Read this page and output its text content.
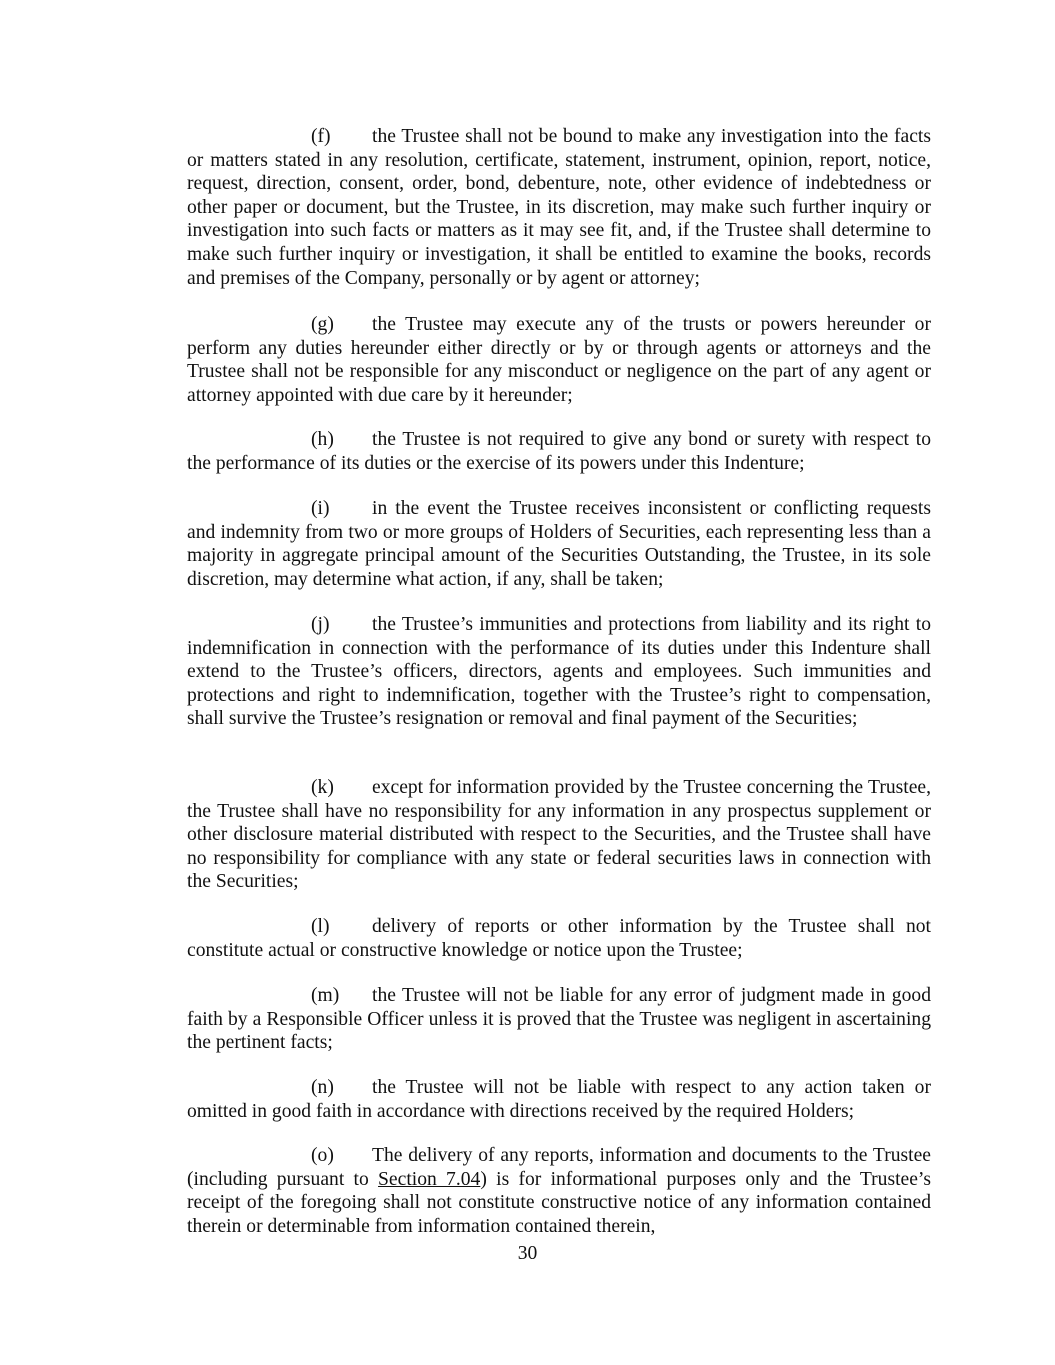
(f) the Trustee shall not be bound to make any investigation into the facts or matters stated in any resolution, certificate, statement, instrument, opinion, report, notice, request, direction, consent, order, bond, debenture, note, other evidence of indebtedness or other paper or document, but the Trustee, in its discretion, may make such further inquiry or investigation into such facts or matters as it may see fit, and, if the Trustee shall determine to make such further inquiry or investigation, it shall be entitled to examine the books, records and premises of the Company, personally or by agent or attorney;

(g) the Trustee may execute any of the trusts or powers hereunder or perform any duties hereunder either directly or by or through agents or attorneys and the Trustee shall not be responsible for any misconduct or negligence on the part of any agent or attorney appointed with due care by it hereunder;

(h) the Trustee is not required to give any bond or surety with respect to the performance of its duties or the exercise of its powers under this Indenture;

(i) in the event the Trustee receives inconsistent or conflicting requests and indemnity from two or more groups of Holders of Securities, each representing less than a majority in aggregate principal amount of the Securities Outstanding, the Trustee, in its sole discretion, may determine what action, if any, shall be taken;

(j) the Trustee’s immunities and protections from liability and its right to indemnification in connection with the performance of its duties under this Indenture shall extend to the Trustee’s officers, directors, agents and employees. Such immunities and protections and right to indemnification, together with the Trustee’s right to compensation, shall survive the Trustee’s resignation or removal and final payment of the Securities;

(k) except for information provided by the Trustee concerning the Trustee, the Trustee shall have no responsibility for any information in any prospectus supplement or other disclosure material distributed with respect to the Securities, and the Trustee shall have no responsibility for compliance with any state or federal securities laws in connection with the Securities;

(l) delivery of reports or other information by the Trustee shall not constitute actual or constructive knowledge or notice upon the Trustee;

(m) the Trustee will not be liable for any error of judgment made in good faith by a Responsible Officer unless it is proved that the Trustee was negligent in ascertaining the pertinent facts;

(n) the Trustee will not be liable with respect to any action taken or omitted in good faith in accordance with directions received by the required Holders;

(o) The delivery of any reports, information and documents to the Trustee (including pursuant to Section 7.04) is for informational purposes only and the Trustee’s receipt of the foregoing shall not constitute constructive notice of any information contained therein or determinable from information contained therein,

30
